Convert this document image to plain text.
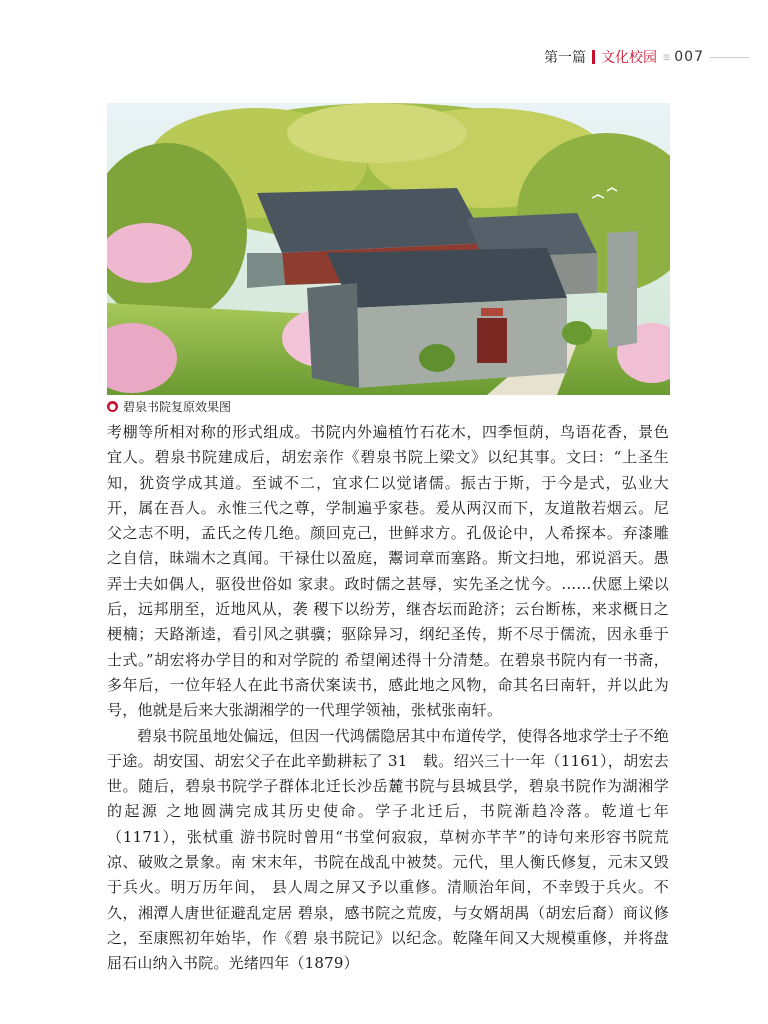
第一篇 文化校园 ≡ 007
● 碧泉书院复原效果图

考棚等所相对称的形式组成。书院内外遍植竹石花木，四季恒荫，鸟语花香，景色宜人。碧泉书院建成后，胡宏亲作《碧泉书院上梁文》以纪其事。文曰：“上圣生知，犹资学成其道。至诚不二，宜求仁以觉诸儒。振古于斯，于今是式，弘业大开，属在吾人。永惟三代之尊，学制遍乎家巷。爰从两汉而下，友道散若烟云。尼父之志不明，孟氏之传几绝。颜回克己，世鲜求方。孔伋论中，人希探本。弃漆雕之自信，昧端木之真闻。干禄仕以盈庭，鬻词章而塞路。斯文扫地，邪说滔天。愚弄士夫如偶人，驱役世俗如 家隶。政时儒之甚辱，实先圣之忧今。……伏愿上梁以后，远邦朋至，近地风从，袭 稷下以纷芳，继杏坛而跄济；云台断栋，来求概日之梗楠；天路渐逵，看引风之骐骥；驱除异习，纲纪圣传，斯不尽于儒流，因永垂于士式。”胡宏将办学目的和对学院的 希望阐述得十分清楚。在碧泉书院内有一书斋，多年后，一位年轻人在此书斋伏案读书，感此地之风物，命其名曰南轩，并以此为号，他就是后来大张湖湘学的一代理学领袖，张栻张南轩。

碧泉书院虽地处偏远，但因一代鸿儒隐居其中布道传学，使得各地求学士子不绝于途。胡安国、胡宏父子在此辛勤耕耘了 31　载。绍兴三十一年（1161），胡宏去世。随后，碧泉书院学子群体北迁长沙岳麓书院与县城县学，碧泉书院作为湖湘学的起源 之地圆满完成其历史使命。学子北迁后，书院渐趋冷落。乾道七年（1171），张栻重 游书院时曾用“书堂何寂寂，草树亦芊芊”的诗句来形容书院荒凉、破败之景象。南 宋末年，书院在战乱中被焚。元代，里人衡氏修复，元末又毁于兵火。明万历年间， 县人周之屏又予以重修。清顺治年间，不幸毁于兵火。不久，湘潭人唐世征避乱定居 碧泉，感书院之荒废，与女婿胡禺（胡宏后裔）商议修之，至康熙初年始毕，作《碧 泉书院记》以纪念。乾隆年间又大规模重修，并将盘屈石山纳入书院。光绪四年（1879）
